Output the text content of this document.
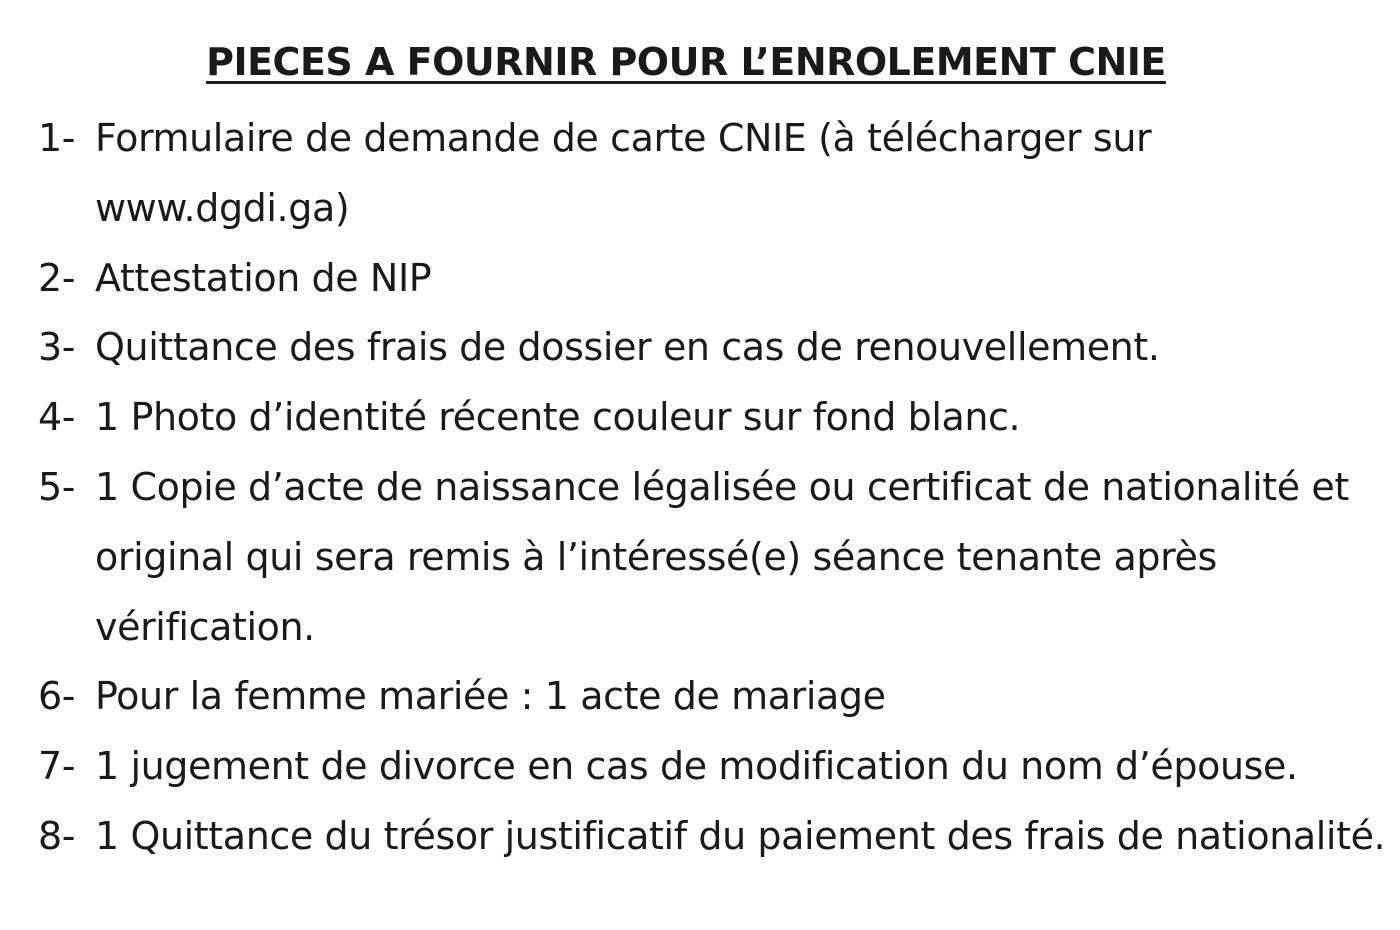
PIECES A FOURNIR POUR L’ENROLEMENT CNIE
1- Formulaire de demande de carte CNIE (à télécharger sur www.dgdi.ga)
2- Attestation de NIP
3- Quittance des frais de dossier en cas de renouvellement.
4- 1 Photo d’identité récente couleur sur fond blanc.
5- 1 Copie d’acte de naissance légalisée ou certificat de nationalité et original qui sera remis à l’intéressé(e) séance tenante après vérification.
6- Pour la femme mariée : 1 acte de mariage
7- 1 jugement de divorce en cas de modification du nom d’épouse.
8- 1 Quittance du trésor justificatif du paiement des frais de nationalité.
